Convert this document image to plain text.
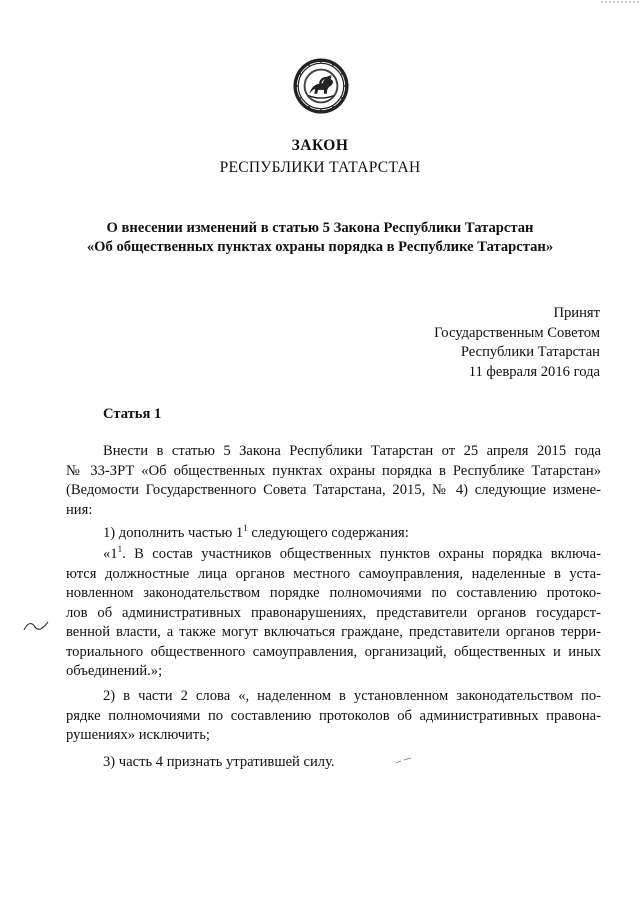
ЗАКОН
РЕСПУБЛИКИ ТАТАРСТАН
О внесении изменений в статью 5 Закона Республики Татарстан
«Об общественных пунктах охраны порядка в Республике Татарстан»
Принят
Государственным Советом
Республики Татарстан
11 февраля 2016 года
Статья 1
Внести в статью 5 Закона Республики Татарстан от 25 апреля 2015 года
№ 33-ЗРТ «Об общественных пунктах охраны порядка в Республике Татарстан»
(Ведомости Государственного Совета Татарстана, 2015, № 4) следующие измене-
ния:
1) дополнить частью $1^1$ следующего содержания:
«$1^1$. В состав участников общественных пунктов охраны порядка включа-
ются должностные лица органов местного самоуправления, наделенные в уста-
новленном законодательством порядке полномочиями по составлению протоко-
лов об административных правонарушениях, представители органов государст-
венной власти, а также могут включаться граждане, представители органов терри-
ториального общественного самоуправления, организаций, общественных и иных
объединений.»;
2) в части 2 слова «, наделенном в установленном законодательством по-
рядке полномочиями по составлению протоколов об административных правона-
рушениях» исключить;
3) часть 4 признать утратившей силу.
